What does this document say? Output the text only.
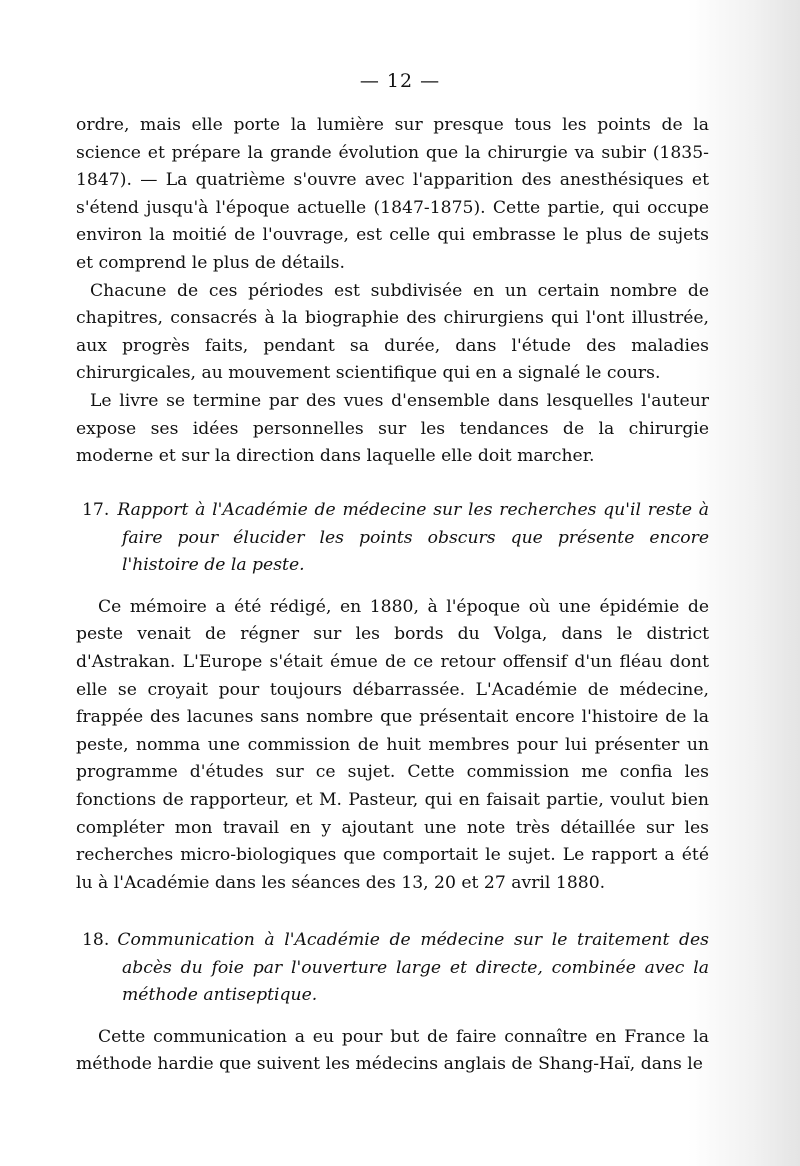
— 12 —

ordre, mais elle porte la lumière sur presque tous les points de la science et prépare la grande évolution que la chirurgie va subir (1835-1847). — La quatrième s'ouvre avec l'apparition des anesthésiques et s'étend jusqu'à l'époque actuelle (1847-1875). Cette partie, qui occupe environ la moitié de l'ouvrage, est celle qui embrasse le plus de sujets et comprend le plus de détails.

Chacune de ces périodes est subdivisée en un certain nombre de chapitres, consacrés à la biographie des chirurgiens qui l'ont illustrée, aux progrès faits, pendant sa durée, dans l'étude des maladies chirurgicales, au mouvement scientifique qui en a signalé le cours.

Le livre se termine par des vues d'ensemble dans lesquelles l'auteur expose ses idées personnelles sur les tendances de la chirurgie moderne et sur la direction dans laquelle elle doit marcher.

17. Rapport à l'Académie de médecine sur les recherches qu'il reste à faire pour élucider les points obscurs que présente encore l'histoire de la peste.

Ce mémoire a été rédigé, en 1880, à l'époque où une épidémie de peste venait de régner sur les bords du Volga, dans le district d'Astrakan. L'Europe s'était émue de ce retour offensif d'un fléau dont elle se croyait pour toujours débarrassée. L'Académie de médecine, frappée des lacunes sans nombre que présentait encore l'histoire de la peste, nomma une commission de huit membres pour lui présenter un programme d'études sur ce sujet. Cette commission me confia les fonctions de rapporteur, et M. Pasteur, qui en faisait partie, voulut bien compléter mon travail en y ajoutant une note très détaillée sur les recherches micro-biologiques que comportait le sujet. Le rapport a été lu à l'Académie dans les séances des 13, 20 et 27 avril 1880.

18. Communication à l'Académie de médecine sur le traitement des abcès du foie par l'ouverture large et directe, combinée avec la méthode antiseptique.

Cette communication a eu pour but de faire connaître en France la méthode hardie que suivent les médecins anglais de Shang-Haï, dans le
